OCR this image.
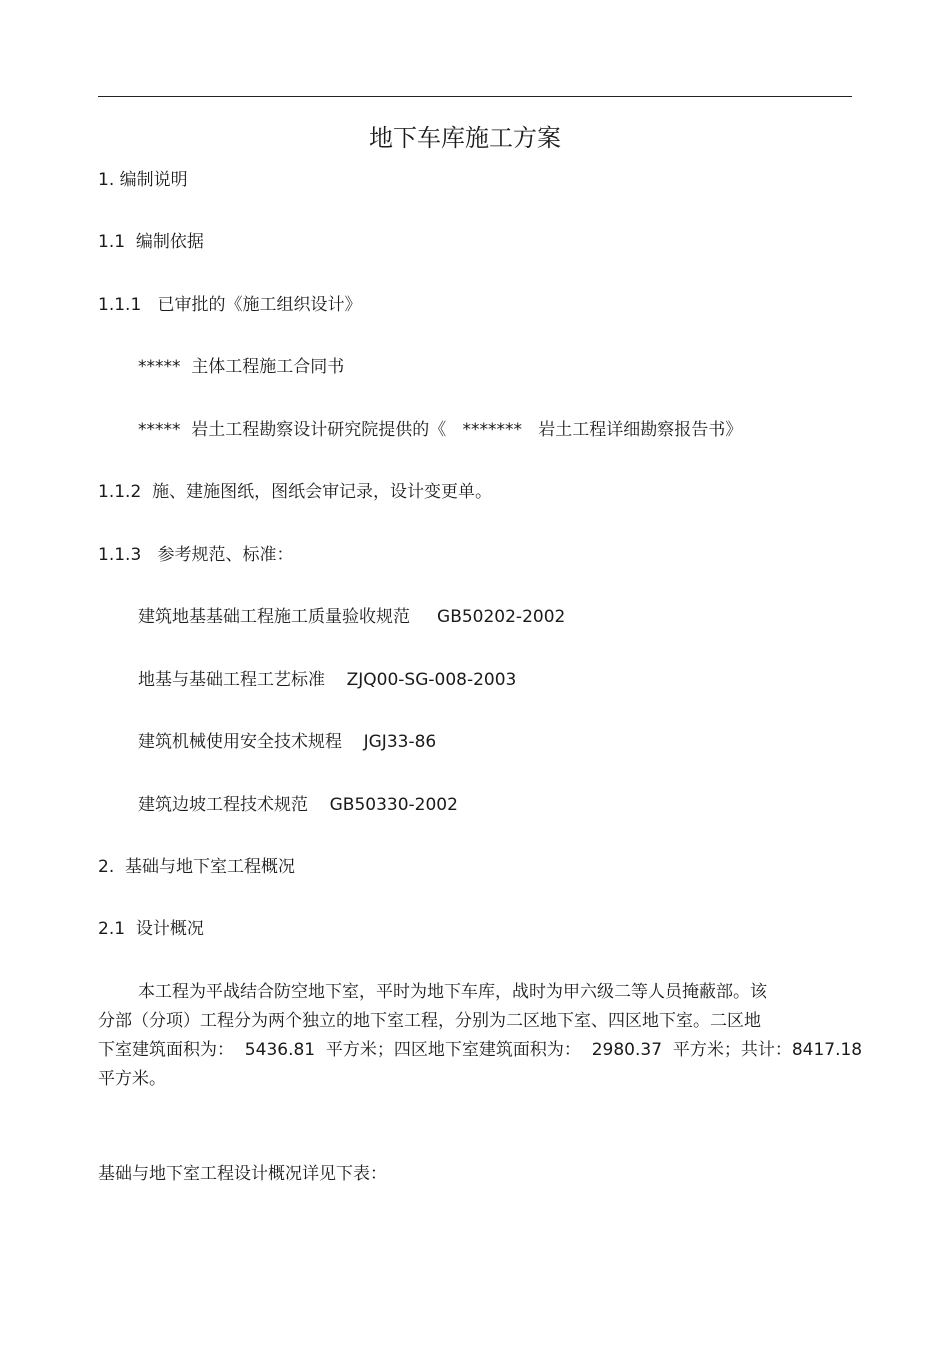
地下车库施工方案
1. 编制说明
1.1  编制依据
1.1.1   已审批的《施工组织设计》
*****  主体工程施工合同书
*****  岩土工程勘察设计研究院提供的《   *******   岩土工程详细勘察报告书》
1.1.2  施、建施图纸，图纸会审记录，设计变更单。
1.1.3   参考规范、标准：
建筑地基基础工程施工质量验收规范     GB50202-2002
地基与基础工程工艺标准    ZJQ00-SG-008-2003
建筑机械使用安全技术规程    JGJ33-86
建筑边坡工程技术规范    GB50330-2002
2.  基础与地下室工程概况
2.1  设计概况
本工程为平战结合防空地下室，平时为地下车库，战时为甲六级二等人员掩蔽部。该
分部（分项）工程分为两个独立的地下室工程，分别为二区地下室、四区地下室。二区地
下室建筑面积为：  5436.81  平方米；四区地下室建筑面积为：  2980.37  平方米；共计：8417.18
平方米。
基础与地下室工程设计概况详见下表：
